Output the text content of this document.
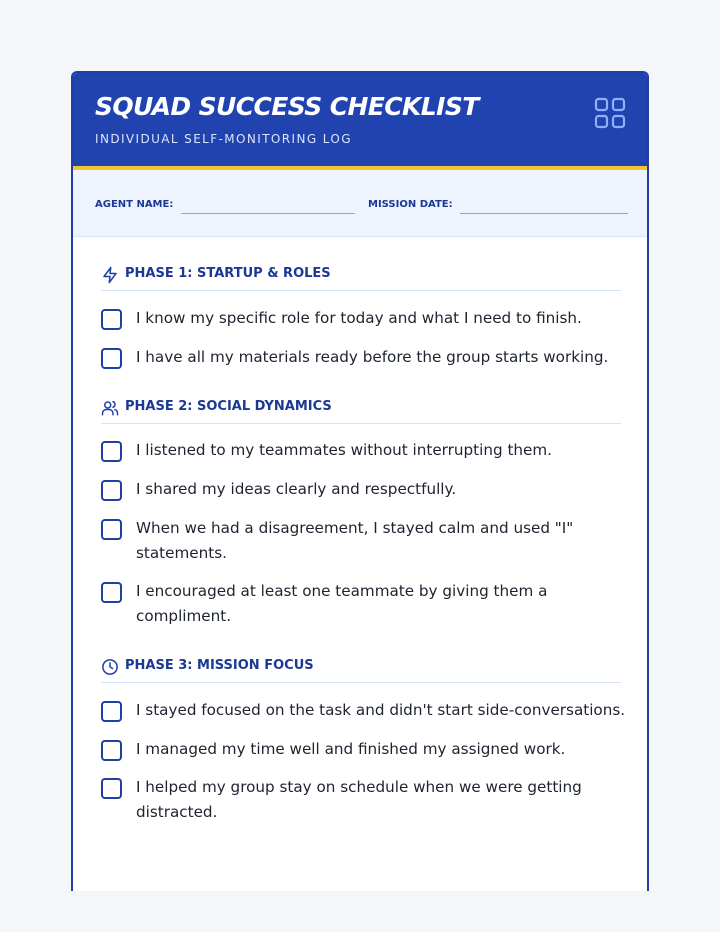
SQUAD SUCCESS CHECKLIST
INDIVIDUAL SELF-MONITORING LOG
AGENT NAME:	MISSION DATE:
PHASE 1: STARTUP & ROLES
I know my specific role for today and what I need to finish.
I have all my materials ready before the group starts working.
PHASE 2: SOCIAL DYNAMICS
I listened to my teammates without interrupting them.
I shared my ideas clearly and respectfully.
When we had a disagreement, I stayed calm and used "I" statements.
I encouraged at least one teammate by giving them a compliment.
PHASE 3: MISSION FOCUS
I stayed focused on the task and didn't start side-conversations.
I managed my time well and finished my assigned work.
I helped my group stay on schedule when we were getting distracted.
